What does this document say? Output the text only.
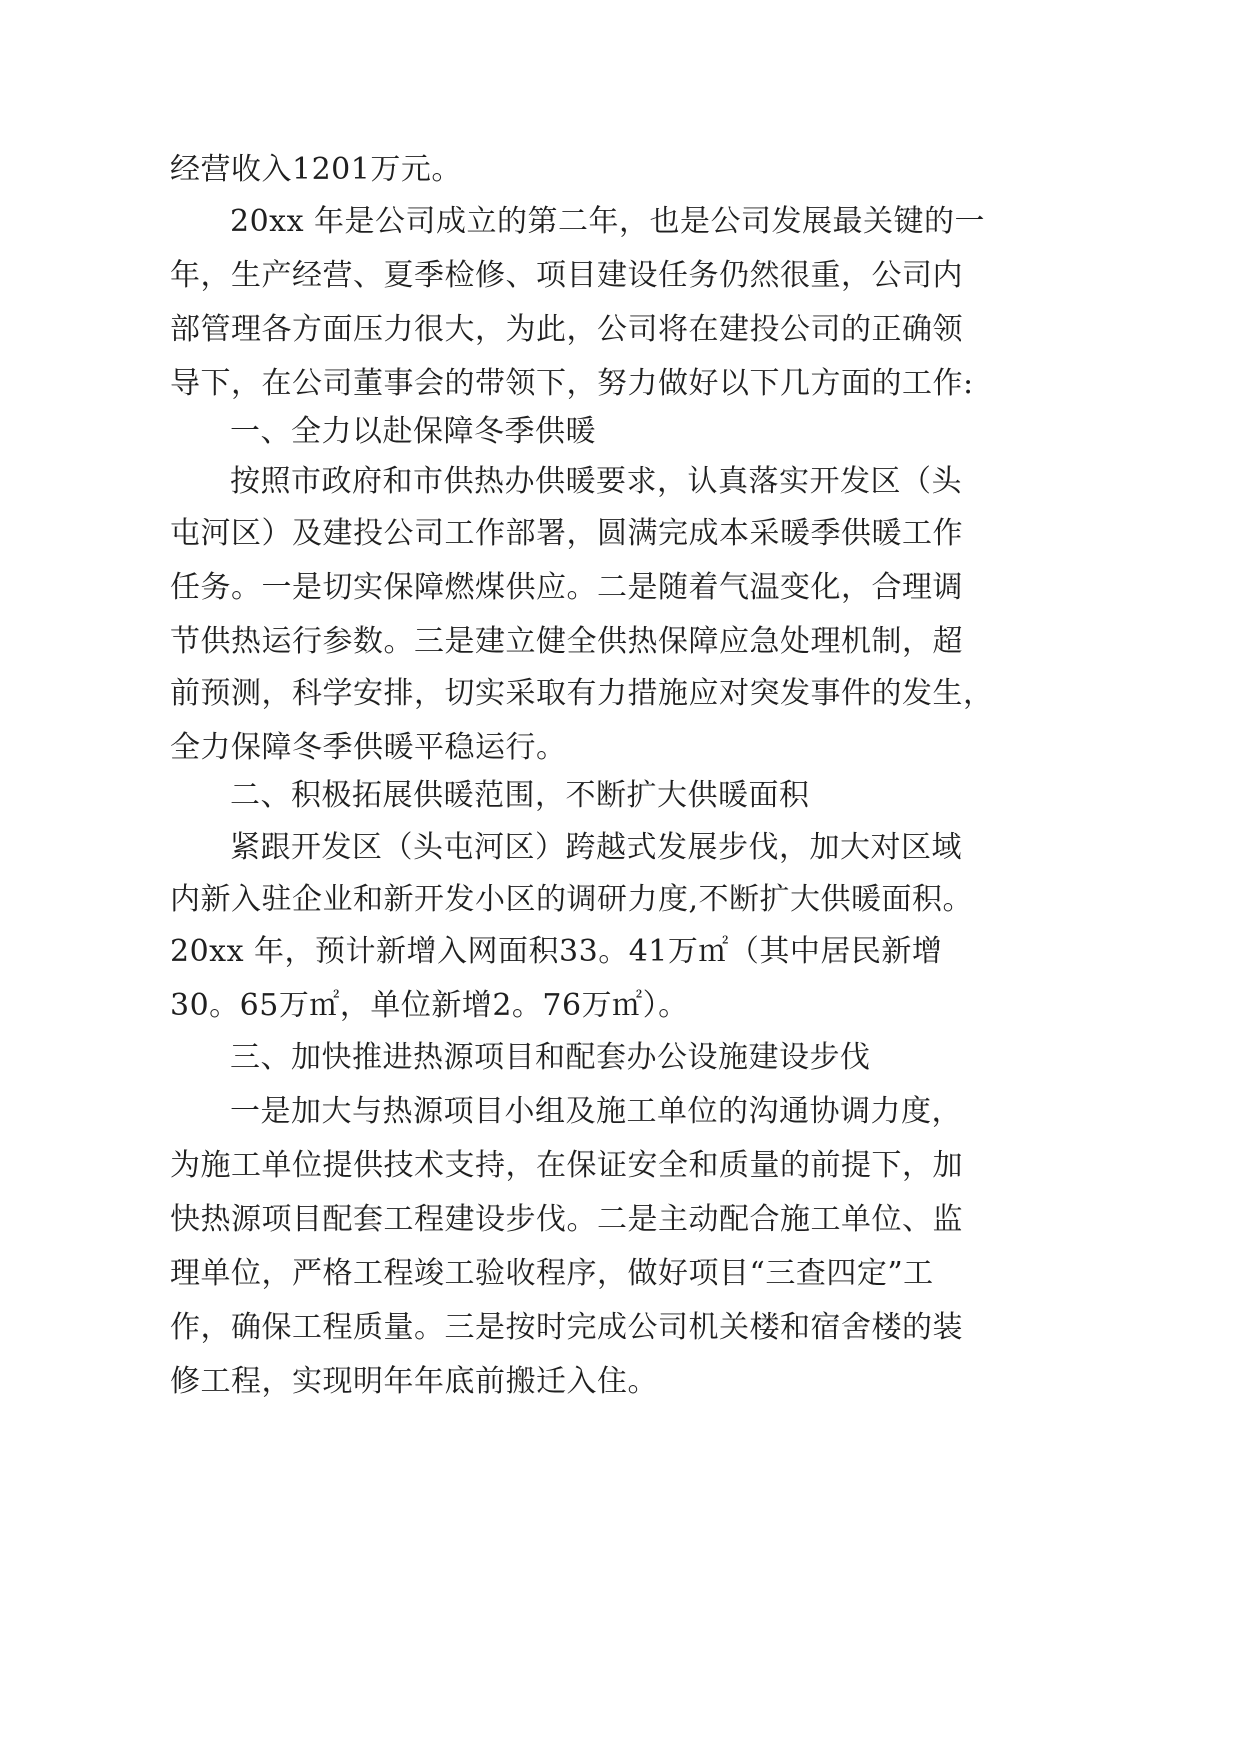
经营收入1201万元。
20xx 年是公司成立的第二年，也是公司发展最关键的一
年，生产经营、夏季检修、项目建设任务仍然很重，公司内
部管理各方面压力很大，为此，公司将在建投公司的正确领
导下，在公司董事会的带领下，努力做好以下几方面的工作:
一、全力以赴保障冬季供暖
按照市政府和市供热办供暖要求，认真落实开发区（头
屯河区）及建投公司工作部署，圆满完成本采暖季供暖工作
任务。一是切实保障燃煤供应。二是随着气温变化，合理调
节供热运行参数。三是建立健全供热保障应急处理机制，超
前预测，科学安排，切实采取有力措施应对突发事件的发生，
全力保障冬季供暖平稳运行。
二、积极拓展供暖范围，不断扩大供暖面积
紧跟开发区（头屯河区）跨越式发展步伐，加大对区域
内新入驻企业和新开发小区的调研力度,不断扩大供暖面积。
20xx 年，预计新增入网面积33。41万㎡（其中居民新增
30。65万㎡，单位新增2。76万㎡）。
三、加快推进热源项目和配套办公设施建设步伐
一是加大与热源项目小组及施工单位的沟通协调力度，
为施工单位提供技术支持，在保证安全和质量的前提下，加
快热源项目配套工程建设步伐。二是主动配合施工单位、监
理单位，严格工程竣工验收程序，做好项目“三查四定”工
作，确保工程质量。三是按时完成公司机关楼和宿舍楼的装
修工程，实现明年年底前搬迁入住。
